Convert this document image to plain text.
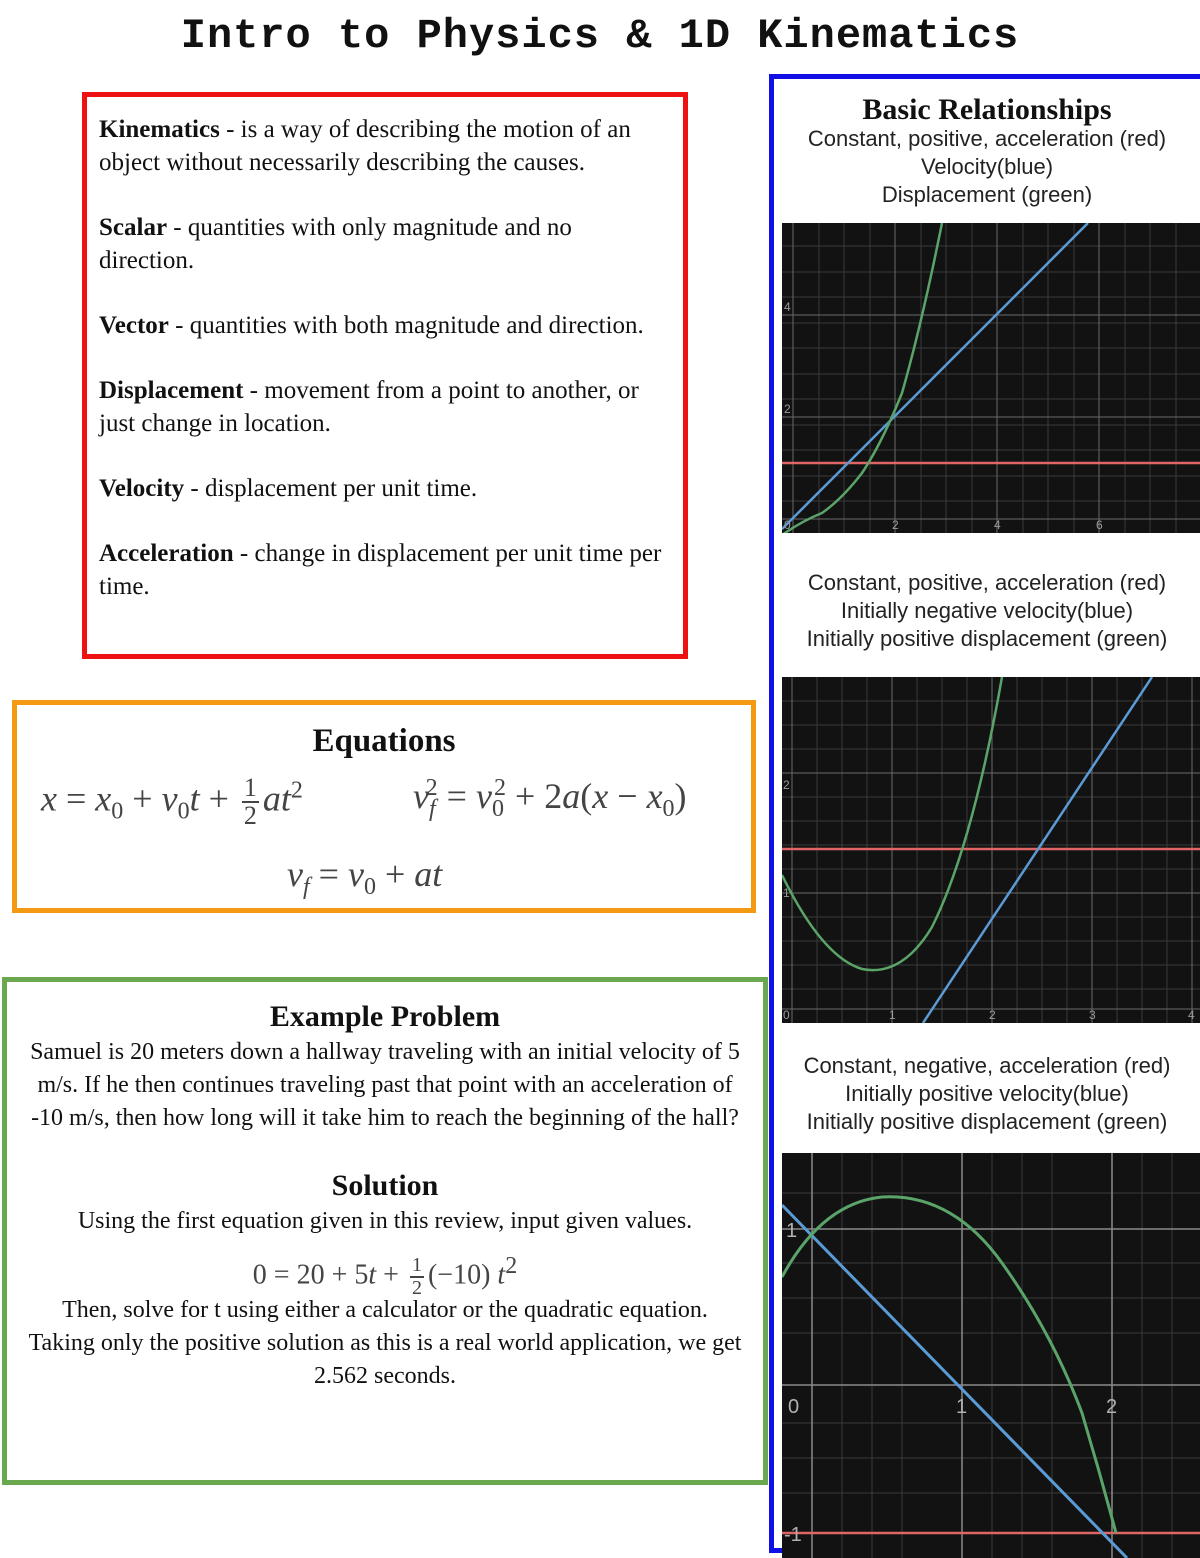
Intro to Physics & 1D Kinematics
Kinematics - is a way of describing the motion of an object without necessarily describing the causes.
Scalar - quantities with only magnitude and no direction.
Vector - quantities with both magnitude and direction.
Displacement - movement from a point to another, or just change in location.
Velocity - displacement per unit time.
Acceleration - change in displacement per unit time per time.
Equations
$x = x_0 + v_0t + \frac{1}{2} at^2$	$v_f^2 = v_0^2 + 2a(x - x_0)$
$v_f = v_0$ + at
Example Problem

Samuel is 20 meters down a hallway traveling with an initial velocity of 5 m/s. If he then continues traveling past that point with an acceleration of -10 m/s, then how long will it take him to reach the beginning of the hall?

Solution

Using the first equation given in this review, input given values.

$0 = 20 + 5t + \frac{1}{2} (-10)$ $t^2$

Then, solve for t using either a calculator or the quadratic equation.

Taking only the positive solution as this is a real world application, we get 2.562 seconds.

Basic Relationships
Constant, positive, acceleration (red)
Velocity(blue)
Displacement (green)
0	2	4	6
2
4
Constant, positive, acceleration (red)
Initially negative velocity(blue)
Initially positive displacement (green)
0	1	2	3	4
1
2
Constant, negative, acceleration (red)
Initially positive velocity(blue)
Initially positive displacement (green)
0	1	2
1
-1
